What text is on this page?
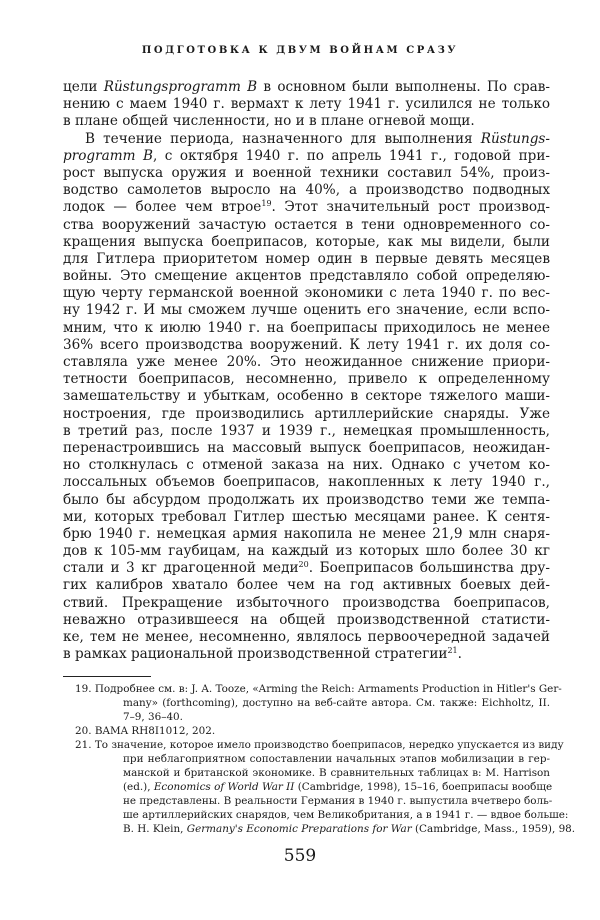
ПОДГОТОВКА К ДВУМ ВОЙНАМ СРАЗУ
цели Rüstungsprogramm B в основном были выполнены. По срав-
нению с маем 1940 г. вермахт к лету 1941 г. усилился не только
в плане общей численности, но и в плане огневой мощи.
В течение периода, назначенного для выполнения Rüstungs-
programm B, с октября 1940 г. по апрель 1941 г., годовой при-
рост выпуска оружия и военной техники составил 54%, произ-
водство самолетов выросло на 40%, а производство подводных
лодок — более чем втрое$^{19}$. Этот значительный рост производ-
ства вооружений зачастую остается в тени одновременного со-
кращения выпуска боеприпасов, которые, как мы видели, были
для Гитлера приоритетом номер один в первые девять месяцев
войны. Это смещение акцентов представляло собой определяю-
щую черту германской военной экономики с лета 1940 г. по вес-
ну 1942 г. И мы сможем лучше оценить его значение, если вспо-
мним, что к июлю 1940 г. на боеприпасы приходилось не менее
36% всего производства вооружений. К лету 1941 г. их доля со-
ставляла уже менее 20%. Это неожиданное снижение приори-
тетности боеприпасов, несомненно, привело к определенному
замешательству и убыткам, особенно в секторе тяжелого маши-
ностроения, где производились артиллерийские снаряды. Уже
в третий раз, после 1937 и 1939 г., немецкая промышленность,
перенастроившись на массовый выпуск боеприпасов, неожидан-
но столкнулась с отменой заказа на них. Однако с учетом ко-
лоссальных объемов боеприпасов, накопленных к лету 1940 г.,
было бы абсурдом продолжать их производство теми же темпа-
ми, которых требовал Гитлер шестью месяцами ранее. К сентя-
брю 1940 г. немецкая армия накопила не менее 21,9 млн снаря-
дов к 105-мм гаубицам, на каждый из которых шло более 30 кг
стали и 3 кг драгоценной меди$^{20}$. Боеприпасов большинства дру-
гих калибров хватало более чем на год активных боевых дей-
ствий. Прекращение избыточного производства боеприпасов,
неважно отразившееся на общей производственной статисти-
ке, тем не менее, несомненно, являлось первоочередной задачей
в рамках рациональной производственной стратегии$^{21}$.
19. Подробнее см. в: J. A. Tooze, «Arming the Reich: Armaments Production in Hitler's Ger-
many» (forthcoming), доступно на веб-сайте автора. См. также: Eichholtz, II.
7–9, 36–40.
20. BAMA RH8I1012, 202.
21. То значение, которое имело производство боеприпасов, нередко упускается из виду
при неблагоприятном сопоставлении начальных этапов мобилизации в гер-
манской и британской экономике. В сравнительных таблицах в: M. Harrison
(ed.), Economics of World War II (Cambridge, 1998), 15–16, боеприпасы вообще
не представлены. В реальности Германия в 1940 г. выпустила вчетверо боль-
ше артиллерийских снарядов, чем Великобритания, а в 1941 г. — вдвое больше:
B. H. Klein, Germany's Economic Preparations for War (Cambridge, Mass., 1959), 98.
559
